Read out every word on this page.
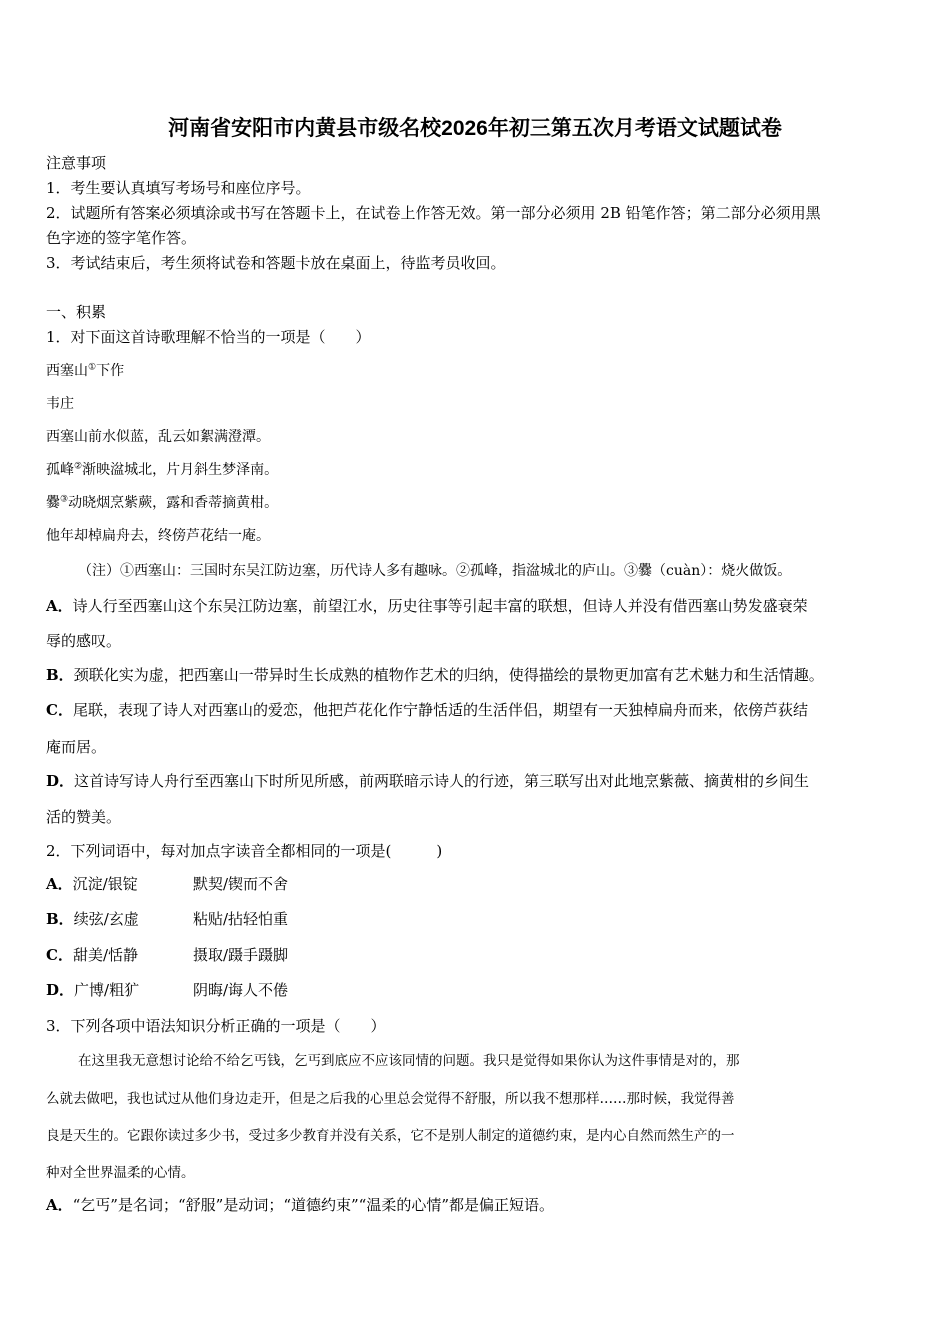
河南省安阳市内黄县市级名校2026年初三第五次月考语文试题试卷
注意事项
1．考生要认真填写考场号和座位序号。
2．试题所有答案必须填涂或书写在答题卡上，在试卷上作答无效。第一部分必须用 2B 铅笔作答；第二部分必须用黑
色字迹的签字笔作答。
3．考试结束后，考生须将试卷和答题卡放在桌面上，待监考员收回。
一、积累
1．对下面这首诗歌理解不恰当的一项是（　　）
西塞山①下作
韦庄
西塞山前水似蓝，乱云如絮满澄潭。
孤峰②渐映湓城北，片月斜生梦泽南。
爨③动晓烟烹紫蕨，露和香蒂摘黄柑。
他年却棹扁舟去，终傍芦花结一庵。
（注）①西塞山：三国时东吴江防边塞，历代诗人多有趣咏。②孤峰，指湓城北的庐山。③爨（cuàn）：烧火做饭。
A．诗人行至西塞山这个东吴江防边塞，前望江水，历史往事等引起丰富的联想，但诗人并没有借西塞山势发盛衰荣
辱的感叹。
B．颈联化实为虚，把西塞山一带异时生长成熟的植物作艺术的归纳，使得描绘的景物更加富有艺术魅力和生活情趣。
C．尾联，表现了诗人对西塞山的爱恋，他把芦花化作宁静恬适的生活伴侣，期望有一天独棹扁舟而来，依傍芦荻结
庵而居。
D．这首诗写诗人舟行至西塞山下时所见所感，前两联暗示诗人的行迹，第三联写出对此地烹紫薇、摘黄柑的乡间生
活的赞美。
2．下列词语中，每对加点字读音全都相同的一项是(　　　)
A．沉淀/银锭	默契/锲而不舍
B．续弦/玄虚	粘贴/拈轻怕重
C．甜美/恬静	摄取/蹑手蹑脚
D．广博/粗犷	阴晦/诲人不倦
3．下列各项中语法知识分析正确的一项是（　　）
在这里我无意想讨论给不给乞丐钱，乞丐到底应不应该同情的问题。我只是觉得如果你认为这件事情是对的，那
么就去做吧，我也试过从他们身边走开，但是之后我的心里总会觉得不舒服，所以我不想那样……那时候，我觉得善
良是天生的。它跟你读过多少书，受过多少教育并没有关系，它不是别人制定的道德约束，是内心自然而然生产的一
种对全世界温柔的心情。
A．“乞丐”是名词；“舒服”是动词；“道德约束”“温柔的心情”都是偏正短语。
